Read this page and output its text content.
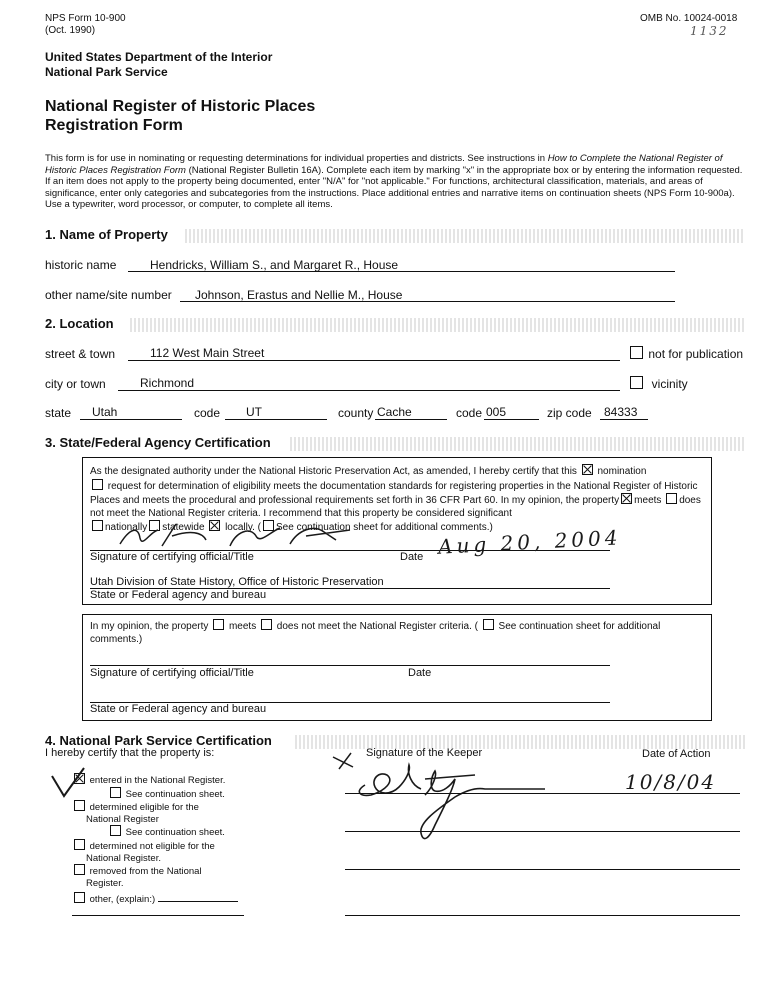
NPS Form 10-900
(Oct. 1990)
OMB No. 10024-0018
1132
United States Department of the Interior
National Park Service
National Register of Historic Places
Registration Form
This form is for use in nominating or requesting determinations for individual properties and districts. See instructions in How to Complete the National Register of Historic Places Registration Form (National Register Bulletin 16A). Complete each item by marking "x" in the appropriate box or by entering the information requested. If an item does not apply to the property being documented, enter "N/A" for "not applicable." For functions, architectural classification, materials, and areas of significance, enter only categories and subcategories from the instructions. Place additional entries and narrative items on continuation sheets (NPS Form 10-900a). Use a typewriter, word processor, or computer, to complete all items.
1. Name of Property
historic name	Hendricks, William S., and Margaret R., House
other name/site number Johnson, Erastus and Nellie M., House
2. Location
street & town	112 West Main Street	not for publication
city or town	Richmond	vicinity
state Utah	code UT	county Cache	code 005	zip code 84333
3. State/Federal Agency Certification
As the designated authority under the National Historic Preservation Act, as amended, I hereby certify that this nomination
request for determination of eligibility meets the documentation standards for registering properties in the National Register of Historic Places and meets the procedural and professional requirements set forth in 36 CFR Part 60. In my opinion, the property meets does not meet the National Register criteria. I recommend that this property be considered significant
nationally statewide locally. ( See continuation sheet for additional comments.)
Signature of certifying official/Title	Date Aug 20, 2004
Utah Division of State History, Office of Historic Preservation
State or Federal agency and bureau
In my opinion, the property meets does not meet the National Register criteria. ( See continuation sheet for additional comments.)
Signature of certifying official/Title	Date
State or Federal agency and bureau
4. National Park Service Certification
I hereby certify that the property is:	Signature of the Keeper	Date of Action
entered in the National Register.
See continuation sheet.
determined eligible for the
National Register
See continuation sheet.
determined not eligible for the
National Register.
removed from the National
Register.
other, (explain:)
10/8/04
